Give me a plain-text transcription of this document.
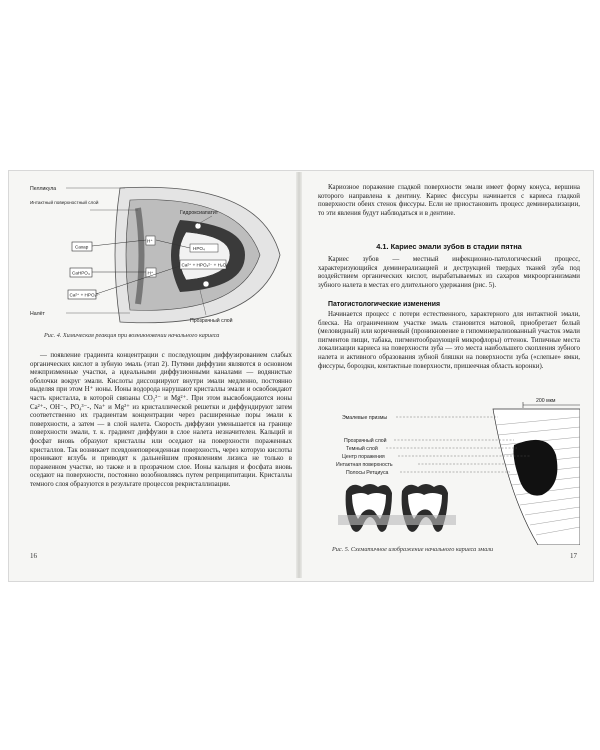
Пелликула
Интактный поверхностный слой
Гидроксиапатит
Сахар
CaHPO₄
Ca²⁺ + HPO₄²⁻
H⁺
H⁺
HPO₄
Ca²⁺ + HPO₄²⁻ + H₂O
Налёт
Прозрачный слой
Рис. 4. Химическая реакция при возникновении начального кариеса

— появление градиента концентрации с последующим диффузированием слабых органических кислот в зубную эмаль (этап 2). Путями диффузии являются в основном межпризменные участки, а идеальными диффузионными каналами — водянистые оболочки вокруг эмали. Кислоты диссоциируют внутри эмали медленно, постоянно выделяя при этом H⁺ ионы. Ионы водорода нарушают кристаллы эмали и освобождают часть кристалла, в которой связаны CO₃²⁻ и Mg²⁺. При этом высвобождаются ионы Ca²⁺-, OH⁻-, PO₄³⁻-, Na⁺ и Mg²⁺ из кристаллической решетки и диффундируют затем соответственно их градиентам концентрации через расширенные поры эмали к поверхности, а затем — в слой налета. Скорость диффузии уменьшается на границе поверхности эмали, т. к. градиент диффузии в слое налета незначителен. Кальций и фосфат вновь образуют кристаллы или оседают на поверхности пораженных кристаллов. Так возникает псевдонеповрежденная поверхность, через которую кислоты проникают вглубь и приводят к дальнейшим проявлениям лизиса не только в пораженном участке, но также и в прозрачном слое. Ионы кальция и фосфата вновь оседают на поверхности, постоянно возобновляясь путем реприципитации. Кристаллы темного слоя образуются в результате процессов рекристаллизации.

16

Кариозное поражение гладкой поверхности эмали имеет форму конуса, вершина которого направлена к дентину. Кариес фиссуры начинается с кариеса гладкой поверхности обеих стенок фиссуры. Если не приостановить процесс деминерализации, то эти явления будут наблюдаться и в дентине.

4.1. Кариес эмали зубов в стадии пятна

Кариес зубов — местный инфекционно-патологический процесс, характеризующийся деминерализацией и деструкцией твердых тканей зуба под воздействием органических кислот, вырабатываемых из сахаров микроорганизмами зубного налета в местах его длительного удержания (рис. 5).

Патогистологические изменения

Начинается процесс с потери естественного, характерного для интактной эмали, блеска. На ограниченном участке эмаль становится матовой, приобретает белый (меловидный) или коричневый (проникновение в гипоминерализованный участок эмали пигментов пищи, табака, пигментообразующей микрофлоры) оттенок. Типичные места локализации кариеса на поверхности зуба — это места наибольшего скопления зубного налета и активного образования зубной бляшки на поверхности зуба («слепые» ямки, фиссуры, бороздки, контактные поверхности, пришеечная область коронки).

200 мкм
Эмалевые призмы
Прозрачный слой
Темный слой
Центр поражения
Интактная поверхность
Полосы Ретциуса
Рис. 5. Схематичное изображение начального кариеса эмали
17
